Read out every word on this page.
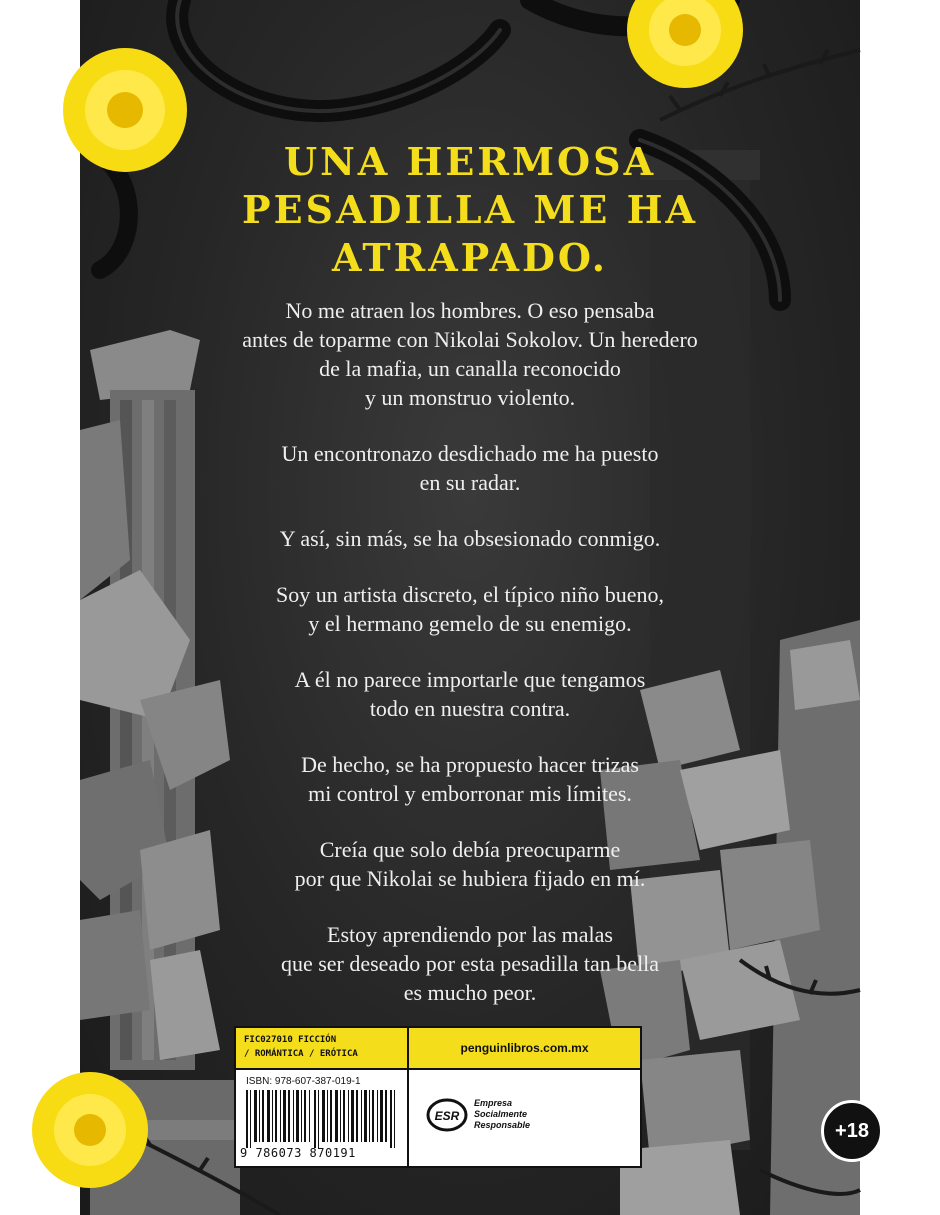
UNA HERMOSA
PESADILLA ME HA
ATRAPADO.

No me atraen los hombres. O eso pensaba
antes de toparme con Nikolai Sokolov. Un heredero
de la mafia, un canalla reconocido
y un monstruo violento.

Un encontronazo desdichado me ha puesto
en su radar.

Y así, sin más, se ha obsesionado conmigo.

Soy un artista discreto, el típico niño bueno,
y el hermano gemelo de su enemigo.

A él no parece importarle que tengamos
todo en nuestra contra.

De hecho, se ha propuesto hacer trizas
mi control y emborronar mis límites.

Creía que solo debía preocuparme
por que Nikolai se hubiera fijado en mí.

Estoy aprendiendo por las malas
que ser deseado por esta pesadilla tan bella
es mucho peor.

+18
FIC027010 FICCIÓN
/ ROMÁNTICA / ERÓTICA	penguinlibros.com.mx
ISBN: 978-607-387-019-1
9 786073 870191
ESR
Empresa
Socialmente
Responsable
